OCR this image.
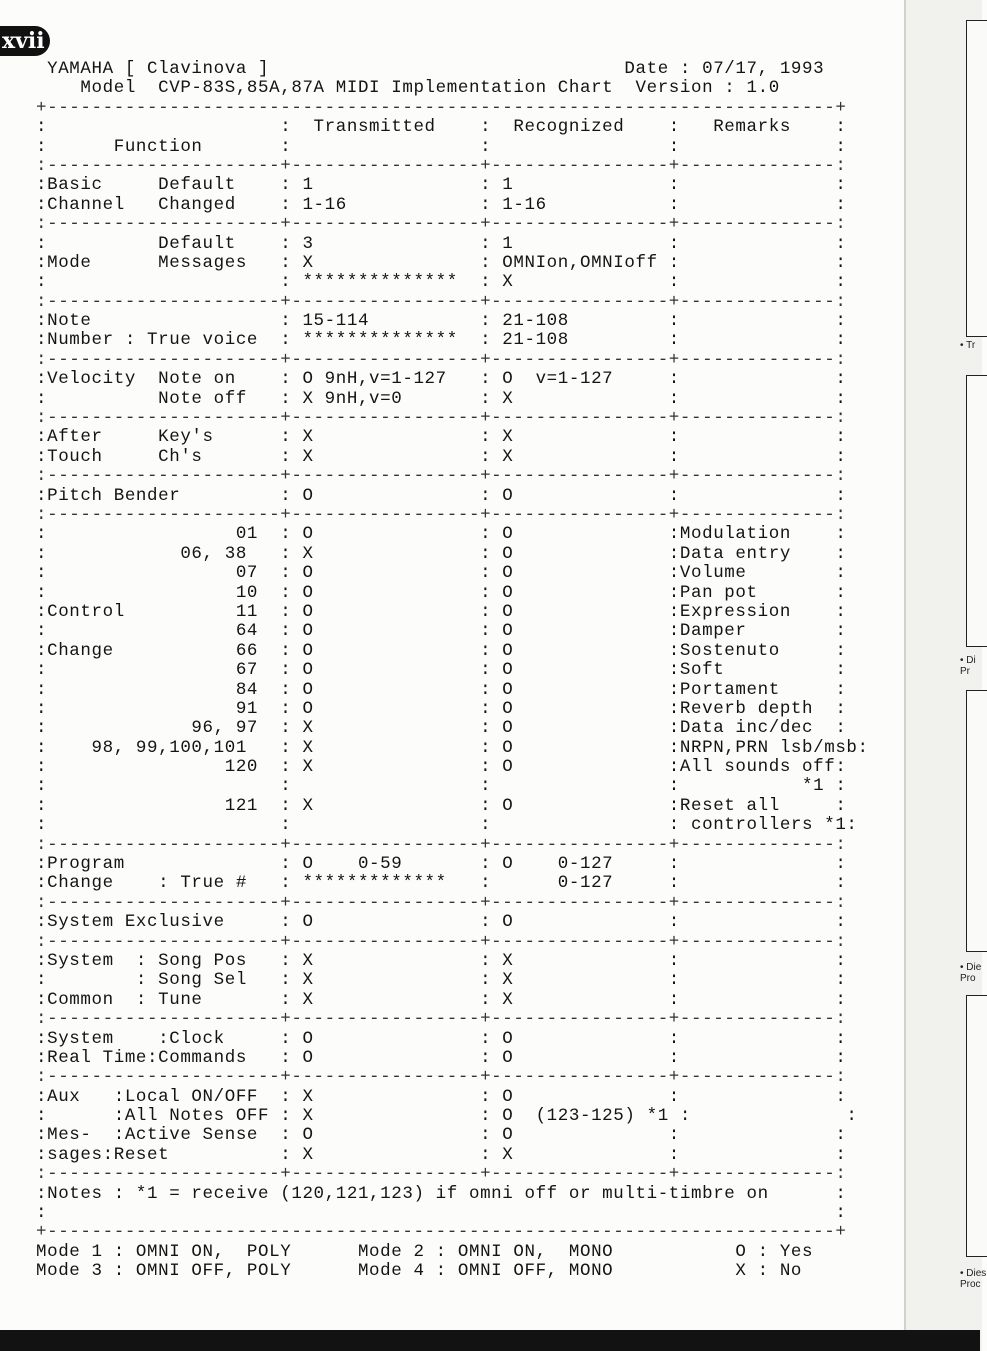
xvii
YAMAHA [ Clavinova ]                                Date : 07/17, 1993
Model  CVP-83S,85A,87A MIDI Implementation Chart  Version : 1.0
+-----------------------------------------------------------------------+
:                     :  Transmitted    :  Recognized    :   Remarks    :
:      Function       :                 :                :              :
:---------------------+-----------------+----------------+--------------:
:Basic     Default    : 1               : 1              :              :
:Channel   Changed    : 1-16            : 1-16           :              :
:---------------------+-----------------+----------------+--------------:
:          Default    : 3               : 1              :              :
:Mode      Messages   : X               : OMNIon,OMNIoff :              :
:                     : **************  : X              :              :
:---------------------+-----------------+----------------+--------------:
:Note                 : 15-114          : 21-108         :              :
:Number : True voice  : **************  : 21-108         :              :
:---------------------+-----------------+----------------+--------------:
:Velocity  Note on    : O 9nH,v=1-127   : O  v=1-127     :              :
:          Note off   : X 9nH,v=0       : X              :              :
:---------------------+-----------------+----------------+--------------:
:After     Key's      : X               : X              :              :
:Touch     Ch's       : X               : X              :              :
:---------------------+-----------------+----------------+--------------:
:Pitch Bender         : O               : O              :              :
:---------------------+-----------------+----------------+--------------:
:                 01  : O               : O              :Modulation    :
:            06, 38   : X               : O              :Data entry    :
:                 07  : O               : O              :Volume        :
:                 10  : O               : O              :Pan pot       :
:Control          11  : O               : O              :Expression    :
:                 64  : O               : O              :Damper        :
:Change           66  : O               : O              :Sostenuto     :
:                 67  : O               : O              :Soft          :
:                 84  : O               : O              :Portament     :
:                 91  : O               : O              :Reverb depth  :
:             96, 97  : X               : O              :Data inc/dec  :
:    98, 99,100,101   : X               : O              :NRPN,PRN lsb/msb:
:                120  : X               : O              :All sounds off:
:                     :                 :                :           *1 :
:                121  : X               : O              :Reset all     :
:                     :                 :                : controllers *1:
:---------------------+-----------------+----------------+--------------:
:Program              : O    0-59       : O    0-127     :              :
:Change    : True #   : *************   :      0-127     :              :
:---------------------+-----------------+----------------+--------------:
:System Exclusive     : O               : O              :              :
:---------------------+-----------------+----------------+--------------:
:System  : Song Pos   : X               : X              :              :
:        : Song Sel   : X               : X              :              :
:Common  : Tune       : X               : X              :              :
:---------------------+-----------------+----------------+--------------:
:System    :Clock     : O               : O              :              :
:Real Time:Commands   : O               : O              :              :
:---------------------+-----------------+----------------+--------------:
:Aux   :Local ON/OFF  : X               : O              :              :
:      :All Notes OFF : X               : O  (123-125) *1 :              :
:Mes-  :Active Sense  : O               : O              :              :
:sages:Reset          : X               : X              :              :
:---------------------+-----------------+----------------+--------------:
:Notes : *1 = receive (120,121,123) if omni off or multi-timbre on      :
:                                                                       :
+-----------------------------------------------------------------------+
Mode 1 : OMNI ON,  POLY      Mode 2 : OMNI ON,  MONO           O : Yes
Mode 3 : OMNI OFF, POLY      Mode 4 : OMNI OFF, MONO           X : No
• Tr
• Di
Pr
• Die
Pro
• Dies
Proc
